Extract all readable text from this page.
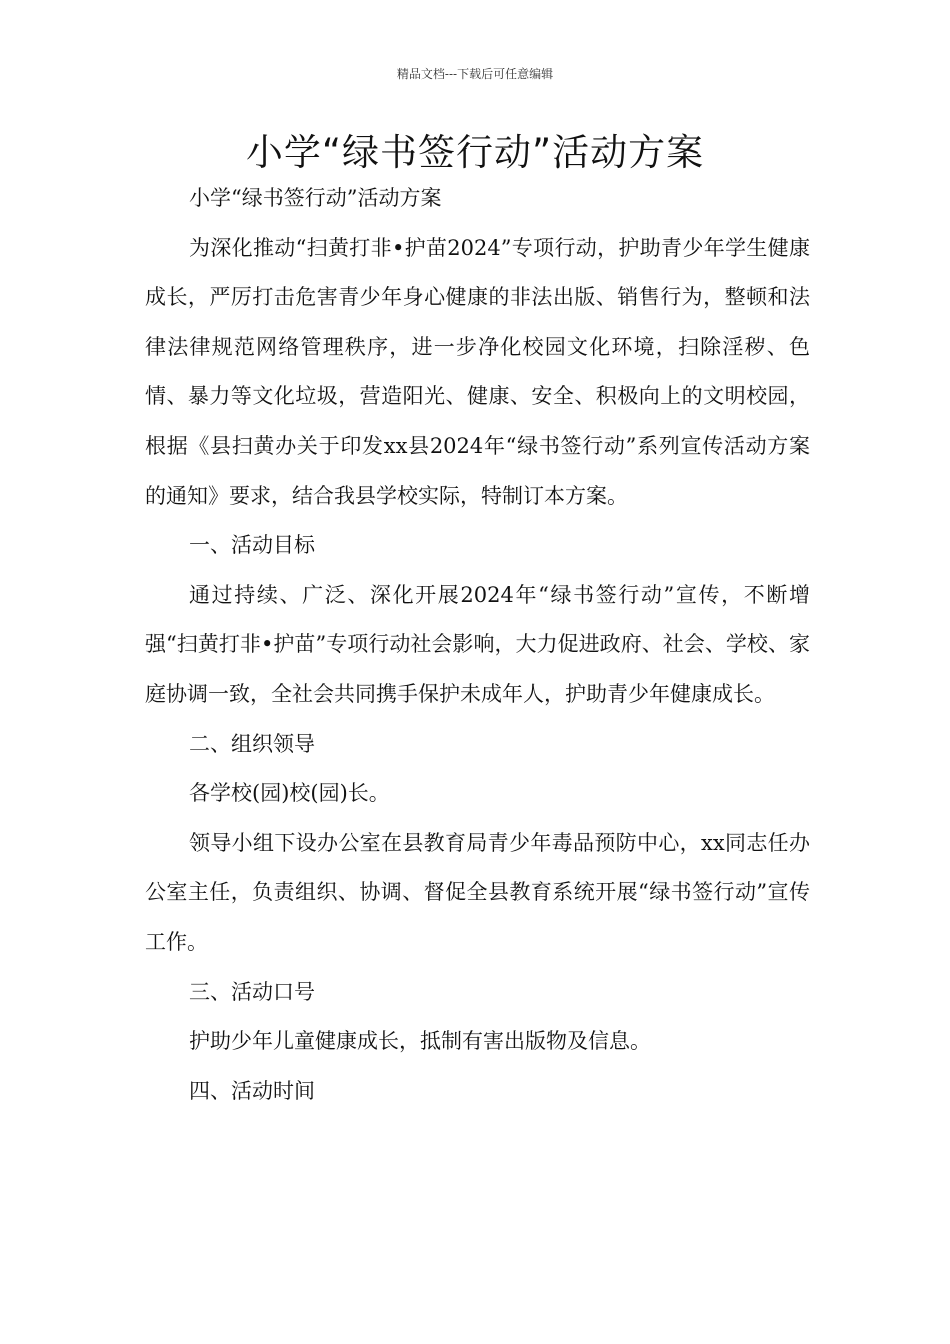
精品文档---下载后可任意编辑
小学“绿书签行动”活动方案

小学“绿书签行动”活动方案

为深化推动“扫黄打非•护苗2024”专项行动，护助青少年学生健康成长，严厉打击危害青少年身心健康的非法出版、销售行为，整顿和法律法律规范网络管理秩序，进一步净化校园文化环境，扫除淫秽、色情、暴力等文化垃圾，营造阳光、健康、安全、积极向上的文明校园，根据《县扫黄办关于印发xx县2024年“绿书签行动”系列宣传活动方案的通知》要求，结合我县学校实际，特制订本方案。

一、活动目标

通过持续、广泛、深化开展2024年“绿书签行动”宣传，不断增强“扫黄打非•护苗”专项行动社会影响，大力促进政府、社会、学校、家庭协调一致，全社会共同携手保护未成年人，护助青少年健康成长。

二、组织领导

各学校(园)校(园)长。

领导小组下设办公室在县教育局青少年毒品预防中心，xx同志任办公室主任，负责组织、协调、督促全县教育系统开展“绿书签行动”宣传工作。

三、活动口号

护助少年儿童健康成长，抵制有害出版物及信息。

四、活动时间
